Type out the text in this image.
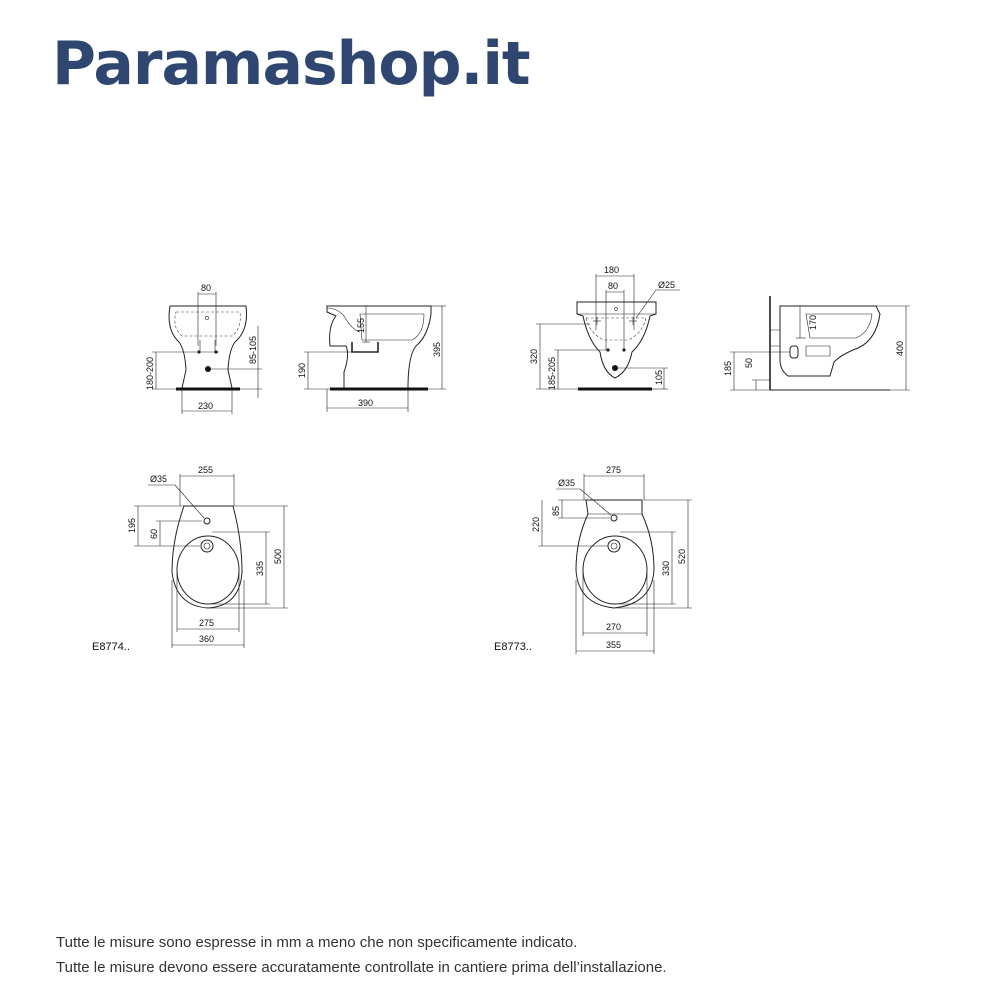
Paramashop.it
80
180-200
85-105
230
155
190
395
390
180
80	Ø25
320
185-205	105
170
400
185 50
255
Ø35
195
60
335
500
275
360
E8774..
275
Ø35
85
220
330
520
270
355
E8773..
Tutte le misure sono espresse in mm a meno che non specificamente indicato.
Tutte le misure devono essere accuratamente controllate in cantiere prima dell’installazione.
